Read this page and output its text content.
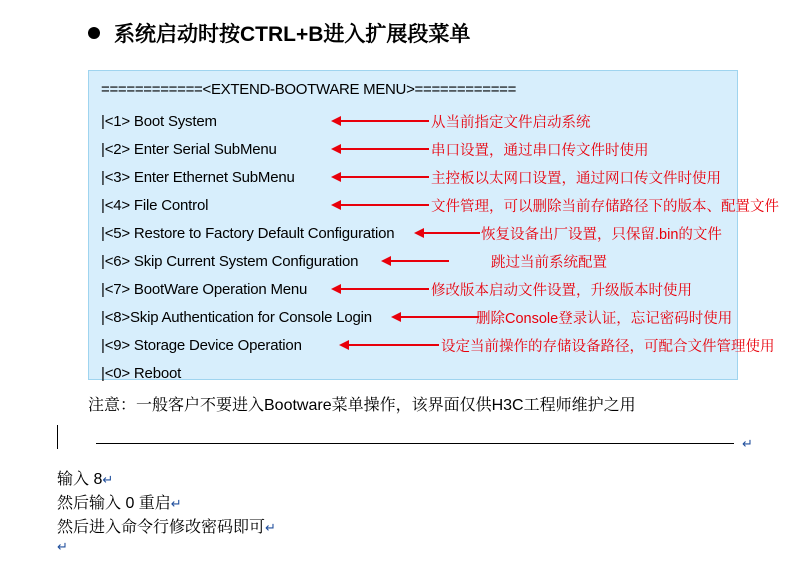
系统启动时按CTRL+B进入扩展段菜单
============<EXTEND-BOOTWARE MENU>============
|<1> Boot System	从当前指定文件启动系统
|<2> Enter Serial SubMenu	串口设置，通过串口传文件时使用
|<3> Enter Ethernet SubMenu	主控板以太网口设置，通过网口传文件时使用
|<4> File Control	文件管理，可以删除当前存储路径下的版本、配置文件
|<5> Restore to Factory Default Configuration	恢复设备出厂设置，只保留.bin的文件
|<6> Skip Current System Configuration	跳过当前系统配置
|<7> BootWare Operation Menu	修改版本启动文件设置，升级版本时使用
|<8>Skip Authentication for Console Login	删除Console登录认证，忘记密码时使用
|<9> Storage Device Operation	设定当前操作的存储设备路径，可配合文件管理使用
|<0> Reboot
注意：一般客户不要进入Bootware菜单操作，该界面仅供H3C工程师维护之用
↵
输入 8↵
然后输入 0 重启↵
然后进入命令行修改密码即可↵
↵
